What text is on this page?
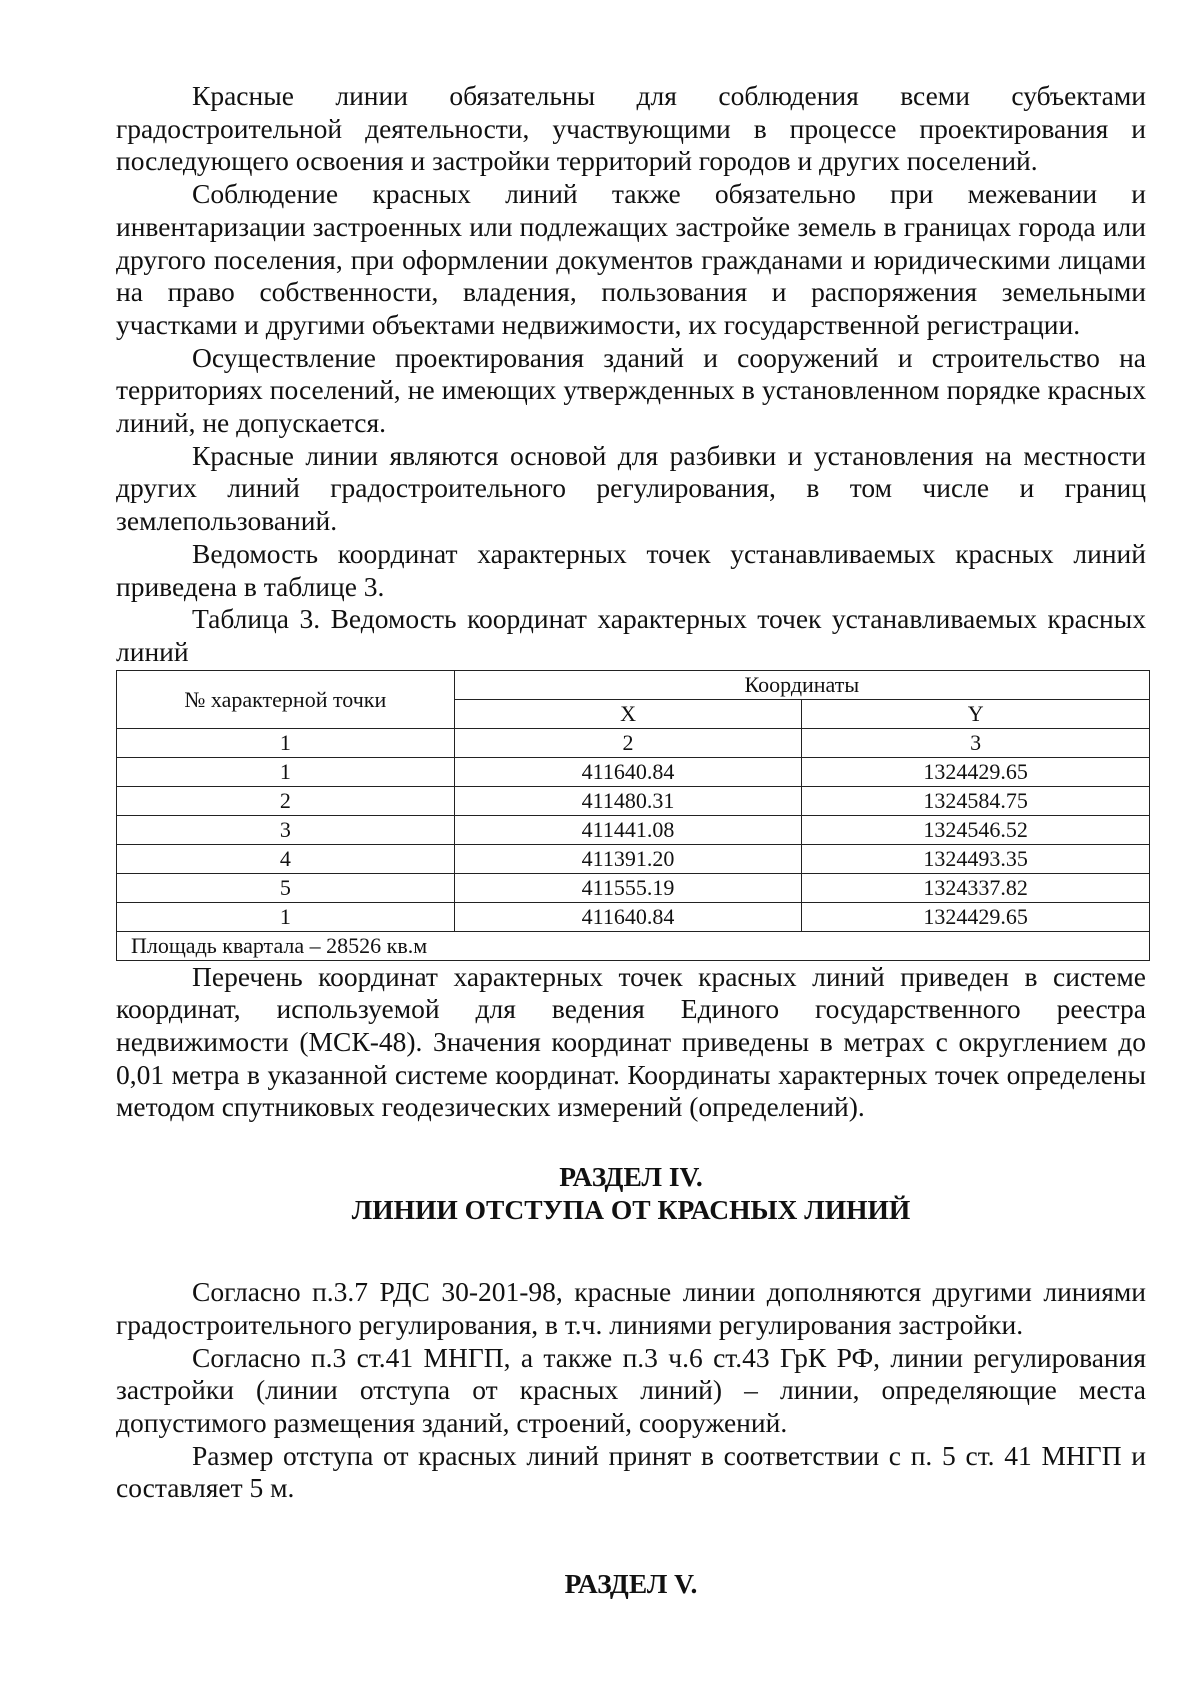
Красные линии обязательны для соблюдения всеми субъектами градостроительной деятельности, участвующими в процессе проектирования и последующего освоения и застройки территорий городов и других поселений.

Соблюдение красных линий также обязательно при межевании и инвентаризации застроенных или подлежащих застройке земель в границах города или другого поселения, при оформлении документов гражданами и юридическими лицами на право собственности, владения, пользования и распоряжения земельными участками и другими объектами недвижимости, их государственной регистрации.

Осуществление проектирования зданий и сооружений и строительство на территориях поселений, не имеющих утвержденных в установленном порядке красных линий, не допускается.

Красные линии являются основой для разбивки и установления на местности других линий градостроительного регулирования, в том числе и границ землепользований.

Ведомость координат характерных точек устанавливаемых красных линий приведена в таблице 3.

Таблица 3. Ведомость координат характерных точек устанавливаемых красных линий

№ характерной точки	Координаты	
	X	Y
1	2	3
1	411640.84	1324429.65
2	411480.31	1324584.75
3	411441.08	1324546.52
4	411391.20	1324493.35
5	411555.19	1324337.82
1	411640.84	1324429.65
Площадь квартала – 28526 кв.м		

Перечень координат характерных точек красных линий приведен в системе координат, используемой для ведения Единого государственного реестра недвижимости (МСК-48). Значения координат приведены в метрах с округлением до 0,01 метра в указанной системе координат. Координаты характерных точек определены методом спутниковых геодезических измерений (определений).

РАЗДЕЛ IV.
ЛИНИИ ОТСТУПА ОТ КРАСНЫХ ЛИНИЙ

Согласно п.3.7 РДС 30-201-98, красные линии дополняются другими линиями градостроительного регулирования, в т.ч. линиями регулирования застройки.

Согласно п.3 ст.41 МНГП, а также п.3 ч.6 ст.43 ГрК РФ, линии регулирования застройки (линии отступа от красных линий) – линии, определяющие места допустимого размещения зданий, строений, сооружений.

Размер отступа от красных линий принят в соответствии с п. 5 ст. 41 МНГП и составляет 5 м.

РАЗДЕЛ V.
